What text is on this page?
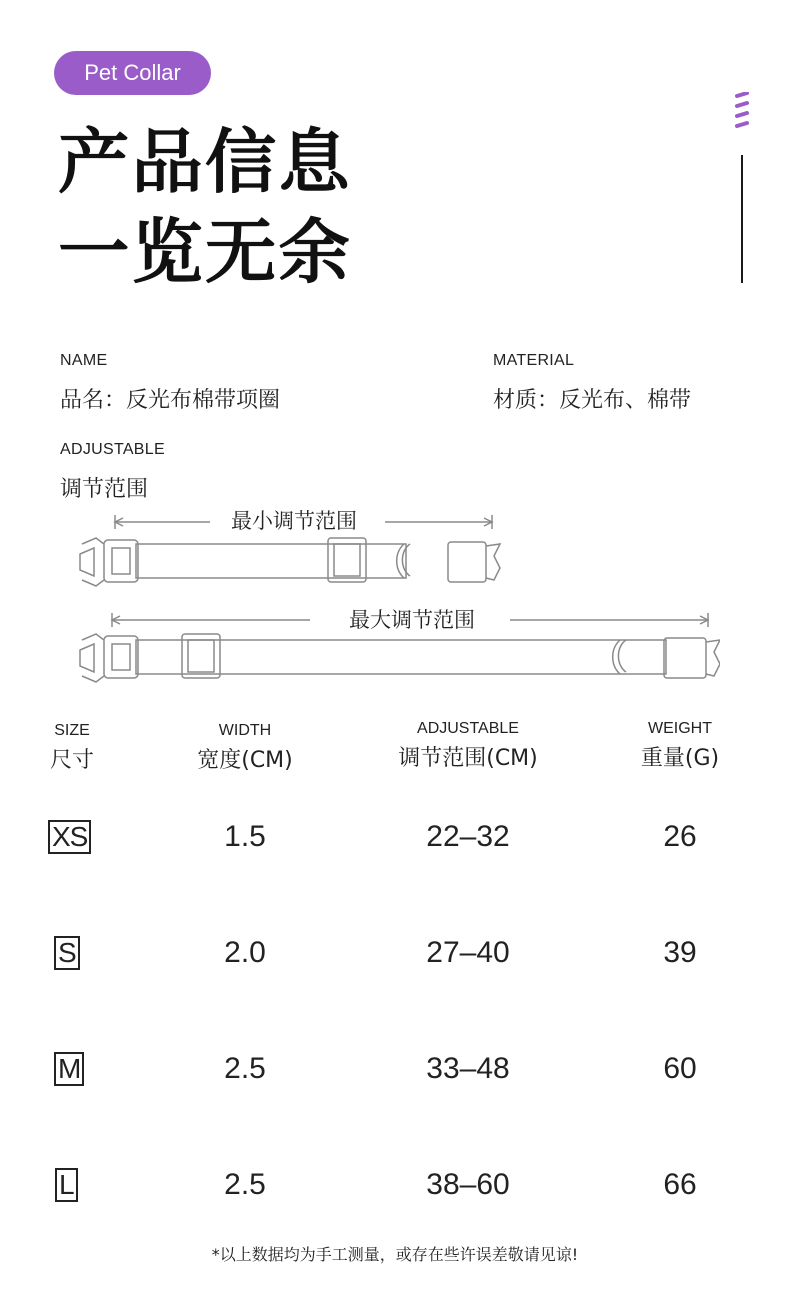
Pet Collar
产品信息
一览无余
NAME
品名：反光布棉带项圈
MATERIAL
材质：反光布、棉带
ADJUSTABLE
调节范围
最小调节范围
最大调节范围
SIZE
尺寸
WIDTH
宽度(CM)
ADJUSTABLE
调节范围(CM)
WEIGHT
重量(G)
XS	1.5	22–32	26
S	2.0	27–40	39
M	2.5	33–48	60
L	2.5	38–60	66
*以上数据均为手工测量，或存在些许误差敬请见谅!
